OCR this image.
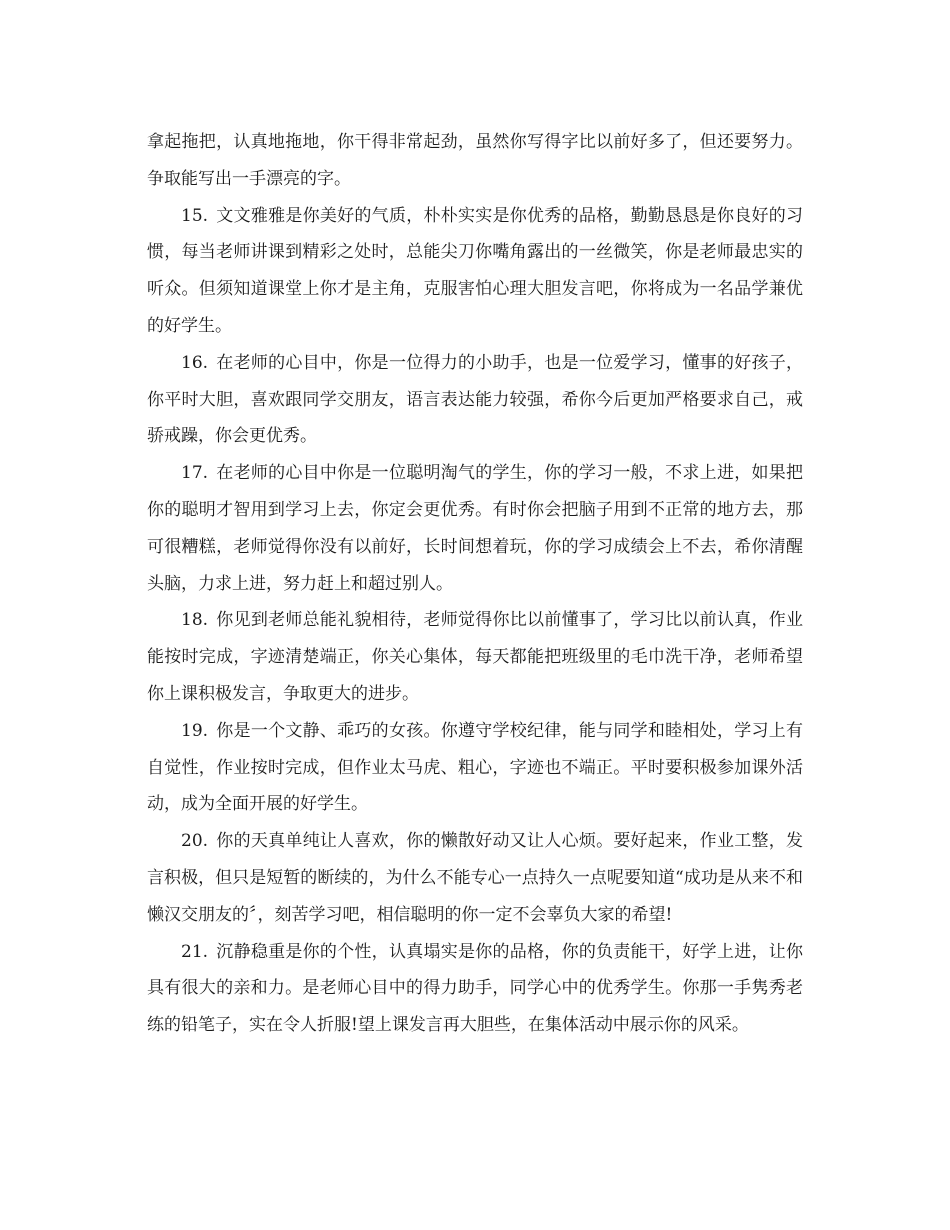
拿起拖把，认真地拖地，你干得非常起劲，虽然你写得字比以前好多了，但还要努力。争取能写出一手漂亮的字。

15. 文文雅雅是你美好的气质，朴朴实实是你优秀的品格，勤勤恳恳是你良好的习惯，每当老师讲课到精彩之处时，总能尖刀你嘴角露出的一丝微笑，你是老师最忠实的听众。但须知道课堂上你才是主角，克服害怕心理大胆发言吧，你将成为一名品学兼优的好学生。

16. 在老师的心目中，你是一位得力的小助手，也是一位爱学习，懂事的好孩子，你平时大胆，喜欢跟同学交朋友，语言表达能力较强，希你今后更加严格要求自己，戒骄戒躁，你会更优秀。

17. 在老师的心目中你是一位聪明淘气的学生，你的学习一般，不求上进，如果把你的聪明才智用到学习上去，你定会更优秀。有时你会把脑子用到不正常的地方去，那可很糟糕，老师觉得你没有以前好，长时间想着玩，你的学习成绩会上不去，希你清醒头脑，力求上进，努力赶上和超过别人。

18. 你见到老师总能礼貌相待，老师觉得你比以前懂事了，学习比以前认真，作业能按时完成，字迹清楚端正，你关心集体，每天都能把班级里的毛巾洗干净，老师希望你上课积极发言，争取更大的进步。

19. 你是一个文静、乖巧的女孩。你遵守学校纪律，能与同学和睦相处，学习上有自觉性，作业按时完成，但作业太马虎、粗心，字迹也不端正。平时要积极参加课外活动，成为全面开展的好学生。

20. 你的天真单纯让人喜欢，你的懒散好动又让人心烦。要好起来，作业工整，发言积极，但只是短暂的断续的，为什么不能专心一点持久一点呢要知道“成功是从来不和懒汉交朋友的〞，刻苦学习吧，相信聪明的你一定不会辜负大家的希望!

21. 沉静稳重是你的个性，认真塌实是你的品格，你的负责能干，好学上进，让你具有很大的亲和力。是老师心目中的得力助手，同学心中的优秀学生。你那一手隽秀老练的铅笔子，实在令人折服!望上课发言再大胆些，在集体活动中展示你的风采。
